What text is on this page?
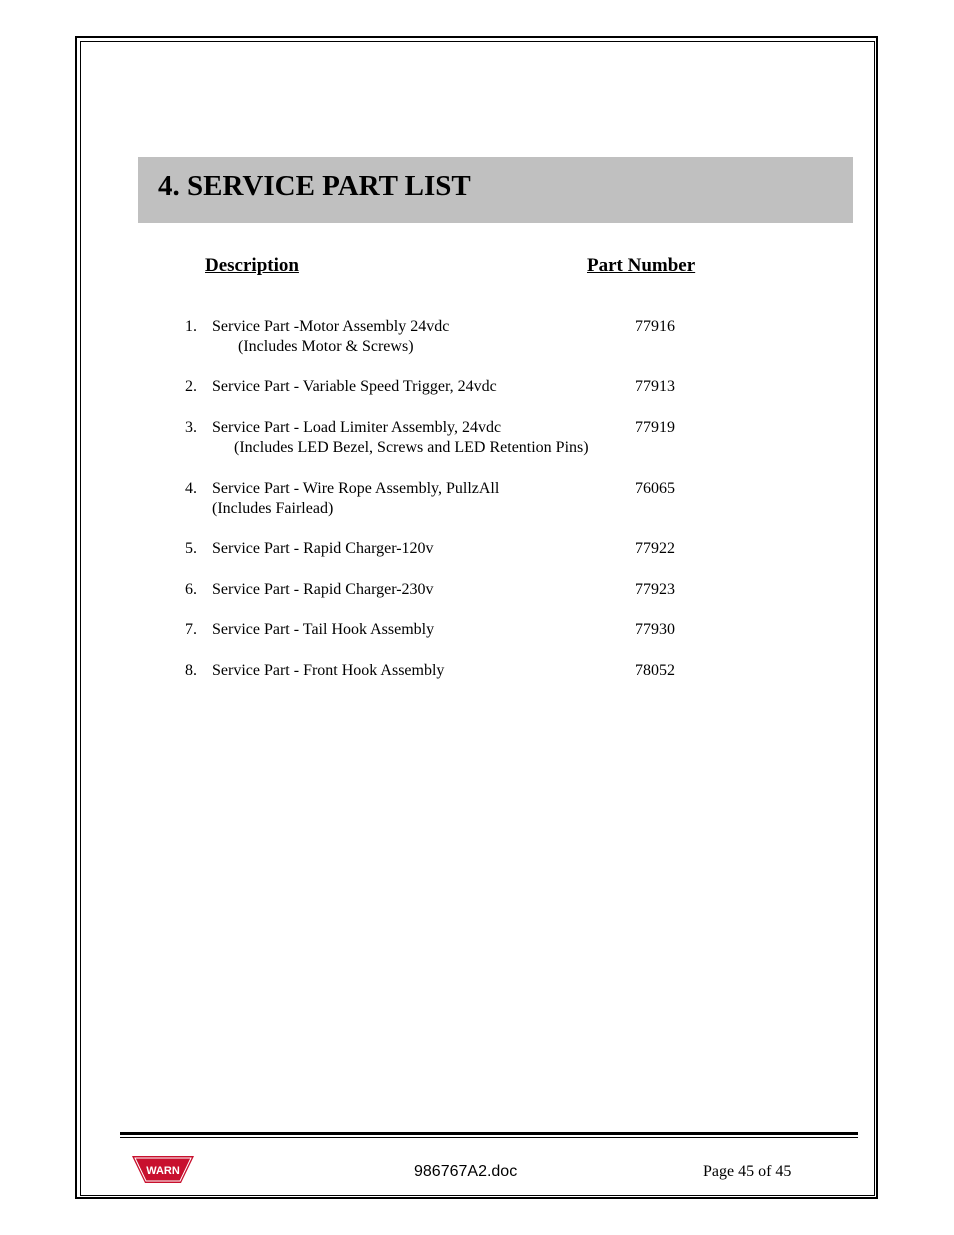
4. SERVICE PART LIST
Description	Part Number
1. Service Part -Motor Assembly 24vdc	77916
(Includes Motor & Screws)
2. Service Part - Variable Speed Trigger, 24vdc	77913
3. Service Part - Load Limiter Assembly, 24vdc	77919
(Includes LED Bezel, Screws and LED Retention Pins)
4. Service Part - Wire Rope Assembly, PullzAll	76065
(Includes Fairlead)
5. Service Part - Rapid Charger-120v	77922
6. Service Part - Rapid Charger-230v	77923
7. Service Part - Tail Hook Assembly	77930
8. Service Part - Front Hook Assembly	78052
WARN	986767A2.doc	Page 45 of 45
